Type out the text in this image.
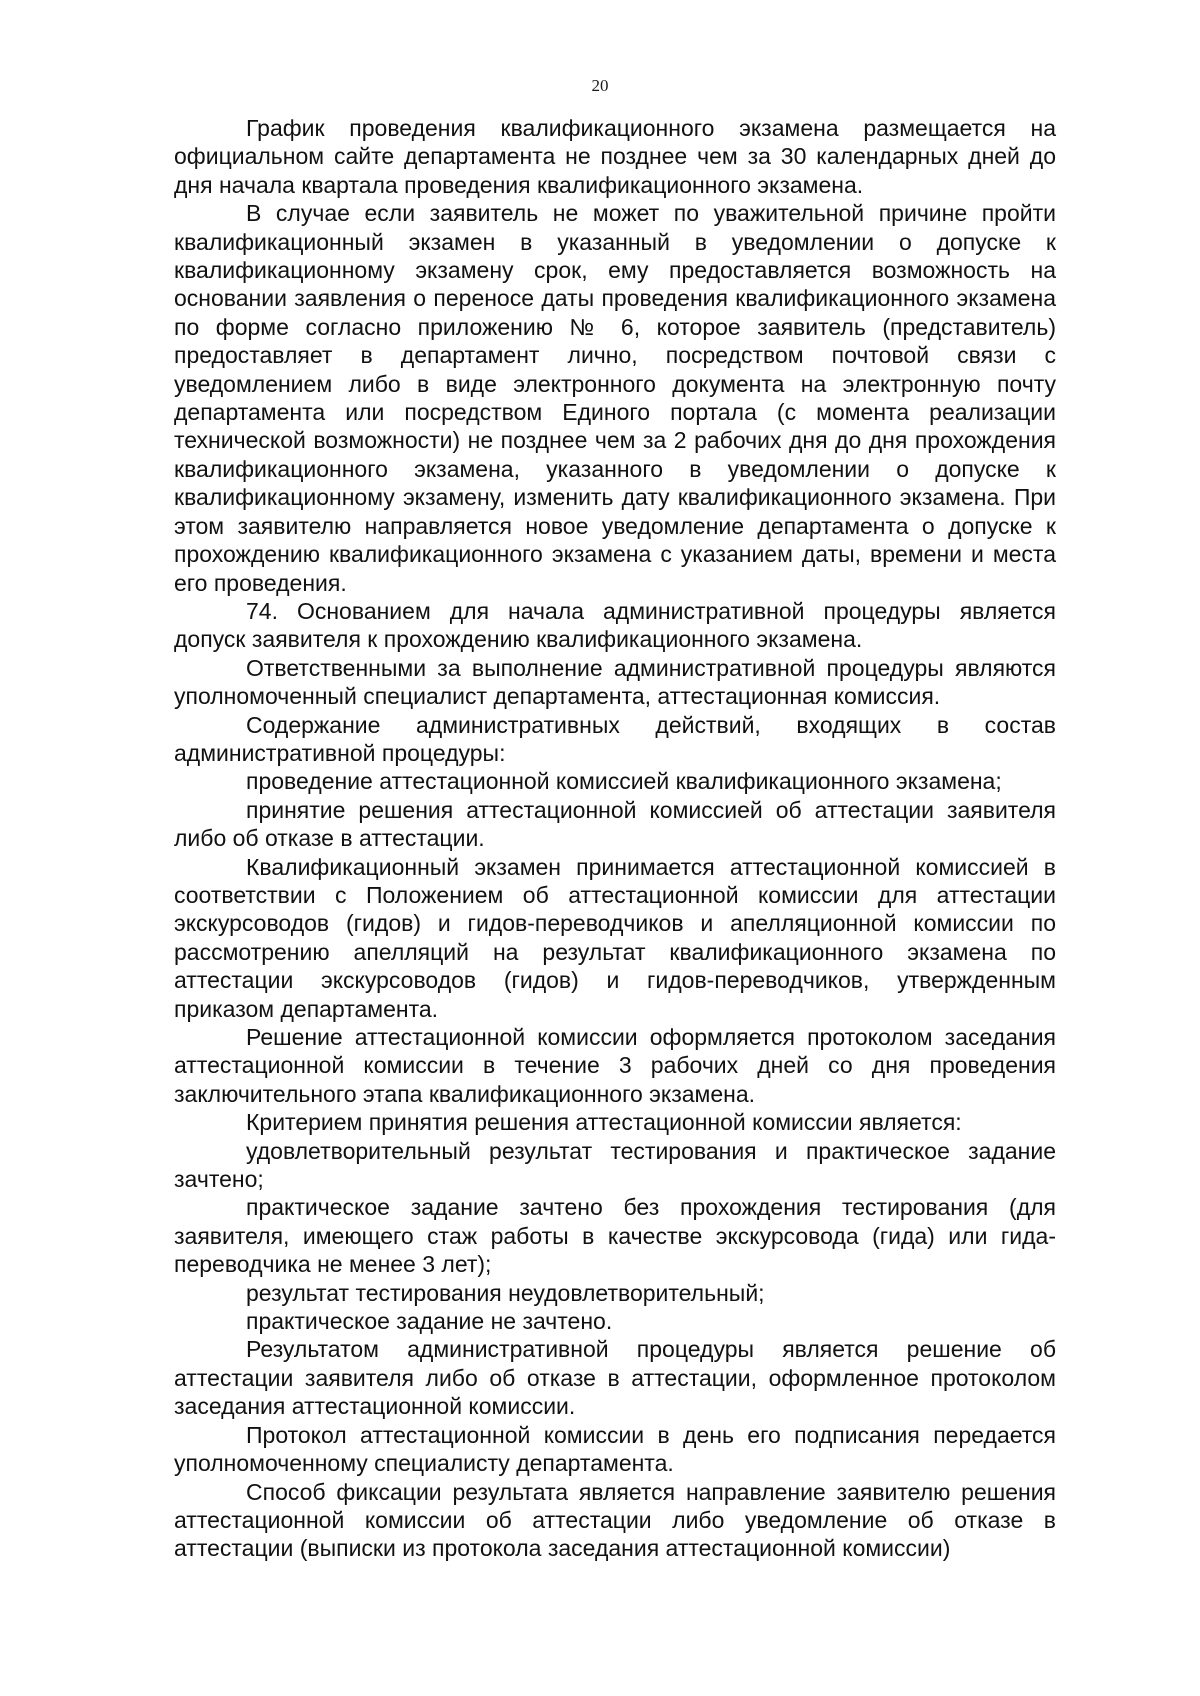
20

График проведения квалификационного экзамена размещается на официальном сайте департамента не позднее чем за 30 календарных дней до дня начала квартала проведения квалификационного экзамена.

В случае если заявитель не может по уважительной причине пройти квалификационный экзамен в указанный в уведомлении о допуске к квалификационному экзамену срок, ему предоставляется возможность на основании заявления о переносе даты проведения квалификационного экзамена по форме согласно приложению № 6, которое заявитель (представитель) предоставляет в департамент лично, посредством почтовой связи с уведомлением либо в виде электронного документа на электронную почту департамента или посредством Единого портала (с момента реализации технической возможности) не позднее чем за 2 рабочих дня до дня прохождения квалификационного экзамена, указанного в уведомлении о допуске к квалификационному экзамену, изменить дату квалификационного экзамена. При этом заявителю направляется новое уведомление департамента о допуске к прохождению квалификационного экзамена с указанием даты, времени и места его проведения.

74. Основанием для начала административной процедуры является допуск заявителя к прохождению квалификационного экзамена.

Ответственными за выполнение административной процедуры являются уполномоченный специалист департамента, аттестационная комиссия.

Содержание административных действий, входящих в состав административной процедуры:

проведение аттестационной комиссией квалификационного экзамена;

принятие решения аттестационной комиссией об аттестации заявителя либо об отказе в аттестации.

Квалификационный экзамен принимается аттестационной комиссией в соответствии с Положением об аттестационной комиссии для аттестации экскурсоводов (гидов) и гидов-переводчиков и апелляционной комиссии по рассмотрению апелляций на результат квалификационного экзамена по аттестации экскурсоводов (гидов) и гидов-переводчиков, утвержденным приказом департамента.

Решение аттестационной комиссии оформляется протоколом заседания аттестационной комиссии в течение 3 рабочих дней со дня проведения заключительного этапа квалификационного экзамена.

Критерием принятия решения аттестационной комиссии является:

удовлетворительный результат тестирования и практическое задание зачтено;

практическое задание зачтено без прохождения тестирования (для заявителя, имеющего стаж работы в качестве экскурсовода (гида) или гида-переводчика не менее 3 лет);

результат тестирования неудовлетворительный;

практическое задание не зачтено.

Результатом административной процедуры является решение об аттестации заявителя либо об отказе в аттестации, оформленное протоколом заседания аттестационной комиссии.

Протокол аттестационной комиссии в день его подписания передается уполномоченному специалисту департамента.

Способ фиксации результата является направление заявителю решения аттестационной комиссии об аттестации либо уведомление об отказе в аттестации (выписки из протокола заседания аттестационной комиссии)
